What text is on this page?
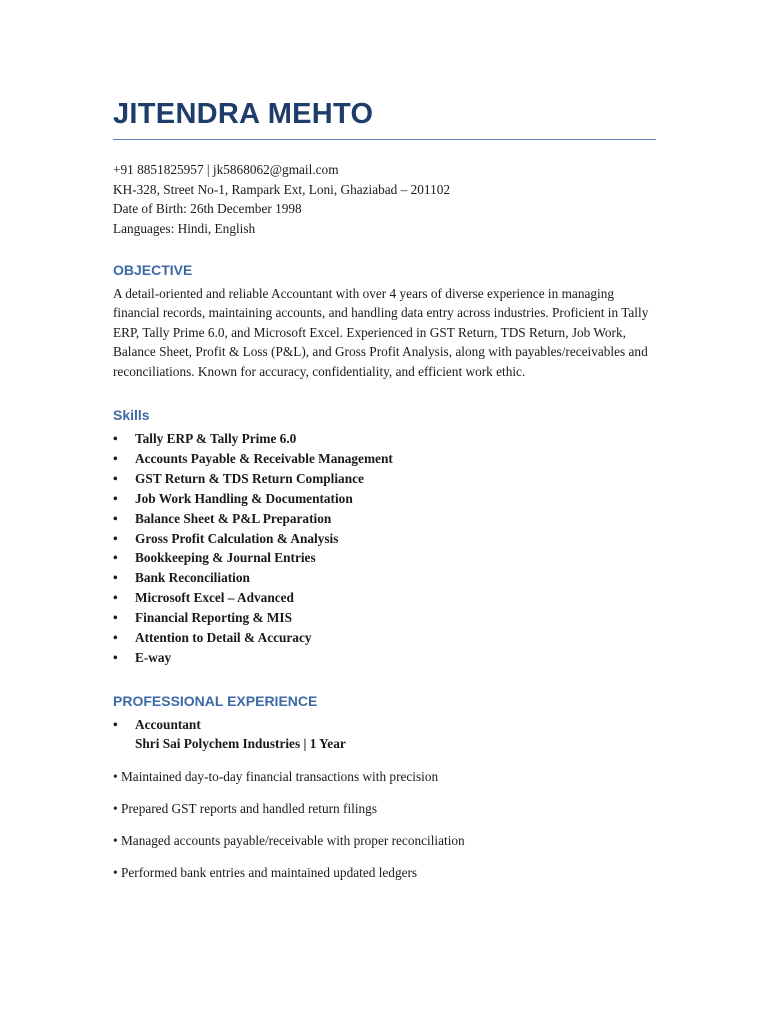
JITENDRA MEHTO
+91 8851825957 | jk5868062@gmail.com
KH-328, Street No-1, Rampark Ext, Loni, Ghaziabad – 201102
Date of Birth: 26th December 1998
Languages: Hindi, English
OBJECTIVE
A detail-oriented and reliable Accountant with over 4 years of diverse experience in managing financial records, maintaining accounts, and handling data entry across industries. Proficient in Tally ERP, Tally Prime 6.0, and Microsoft Excel. Experienced in GST Return, TDS Return, Job Work, Balance Sheet, Profit & Loss (P&L), and Gross Profit Analysis, along with payables/receivables and reconciliations. Known for accuracy, confidentiality, and efficient work ethic.
Skills
• Tally ERP & Tally Prime 6.0
• Accounts Payable & Receivable Management
• GST Return & TDS Return Compliance
• Job Work Handling & Documentation
• Balance Sheet & P&L Preparation
• Gross Profit Calculation & Analysis
• Bookkeeping & Journal Entries
• Bank Reconciliation
• Microsoft Excel – Advanced
• Financial Reporting & MIS
• Attention to Detail & Accuracy
• E-way
PROFESSIONAL EXPERIENCE
• Accountant
Shri Sai Polychem Industries | 1 Year
• Maintained day-to-day financial transactions with precision
• Prepared GST reports and handled return filings
• Managed accounts payable/receivable with proper reconciliation
• Performed bank entries and maintained updated ledgers
